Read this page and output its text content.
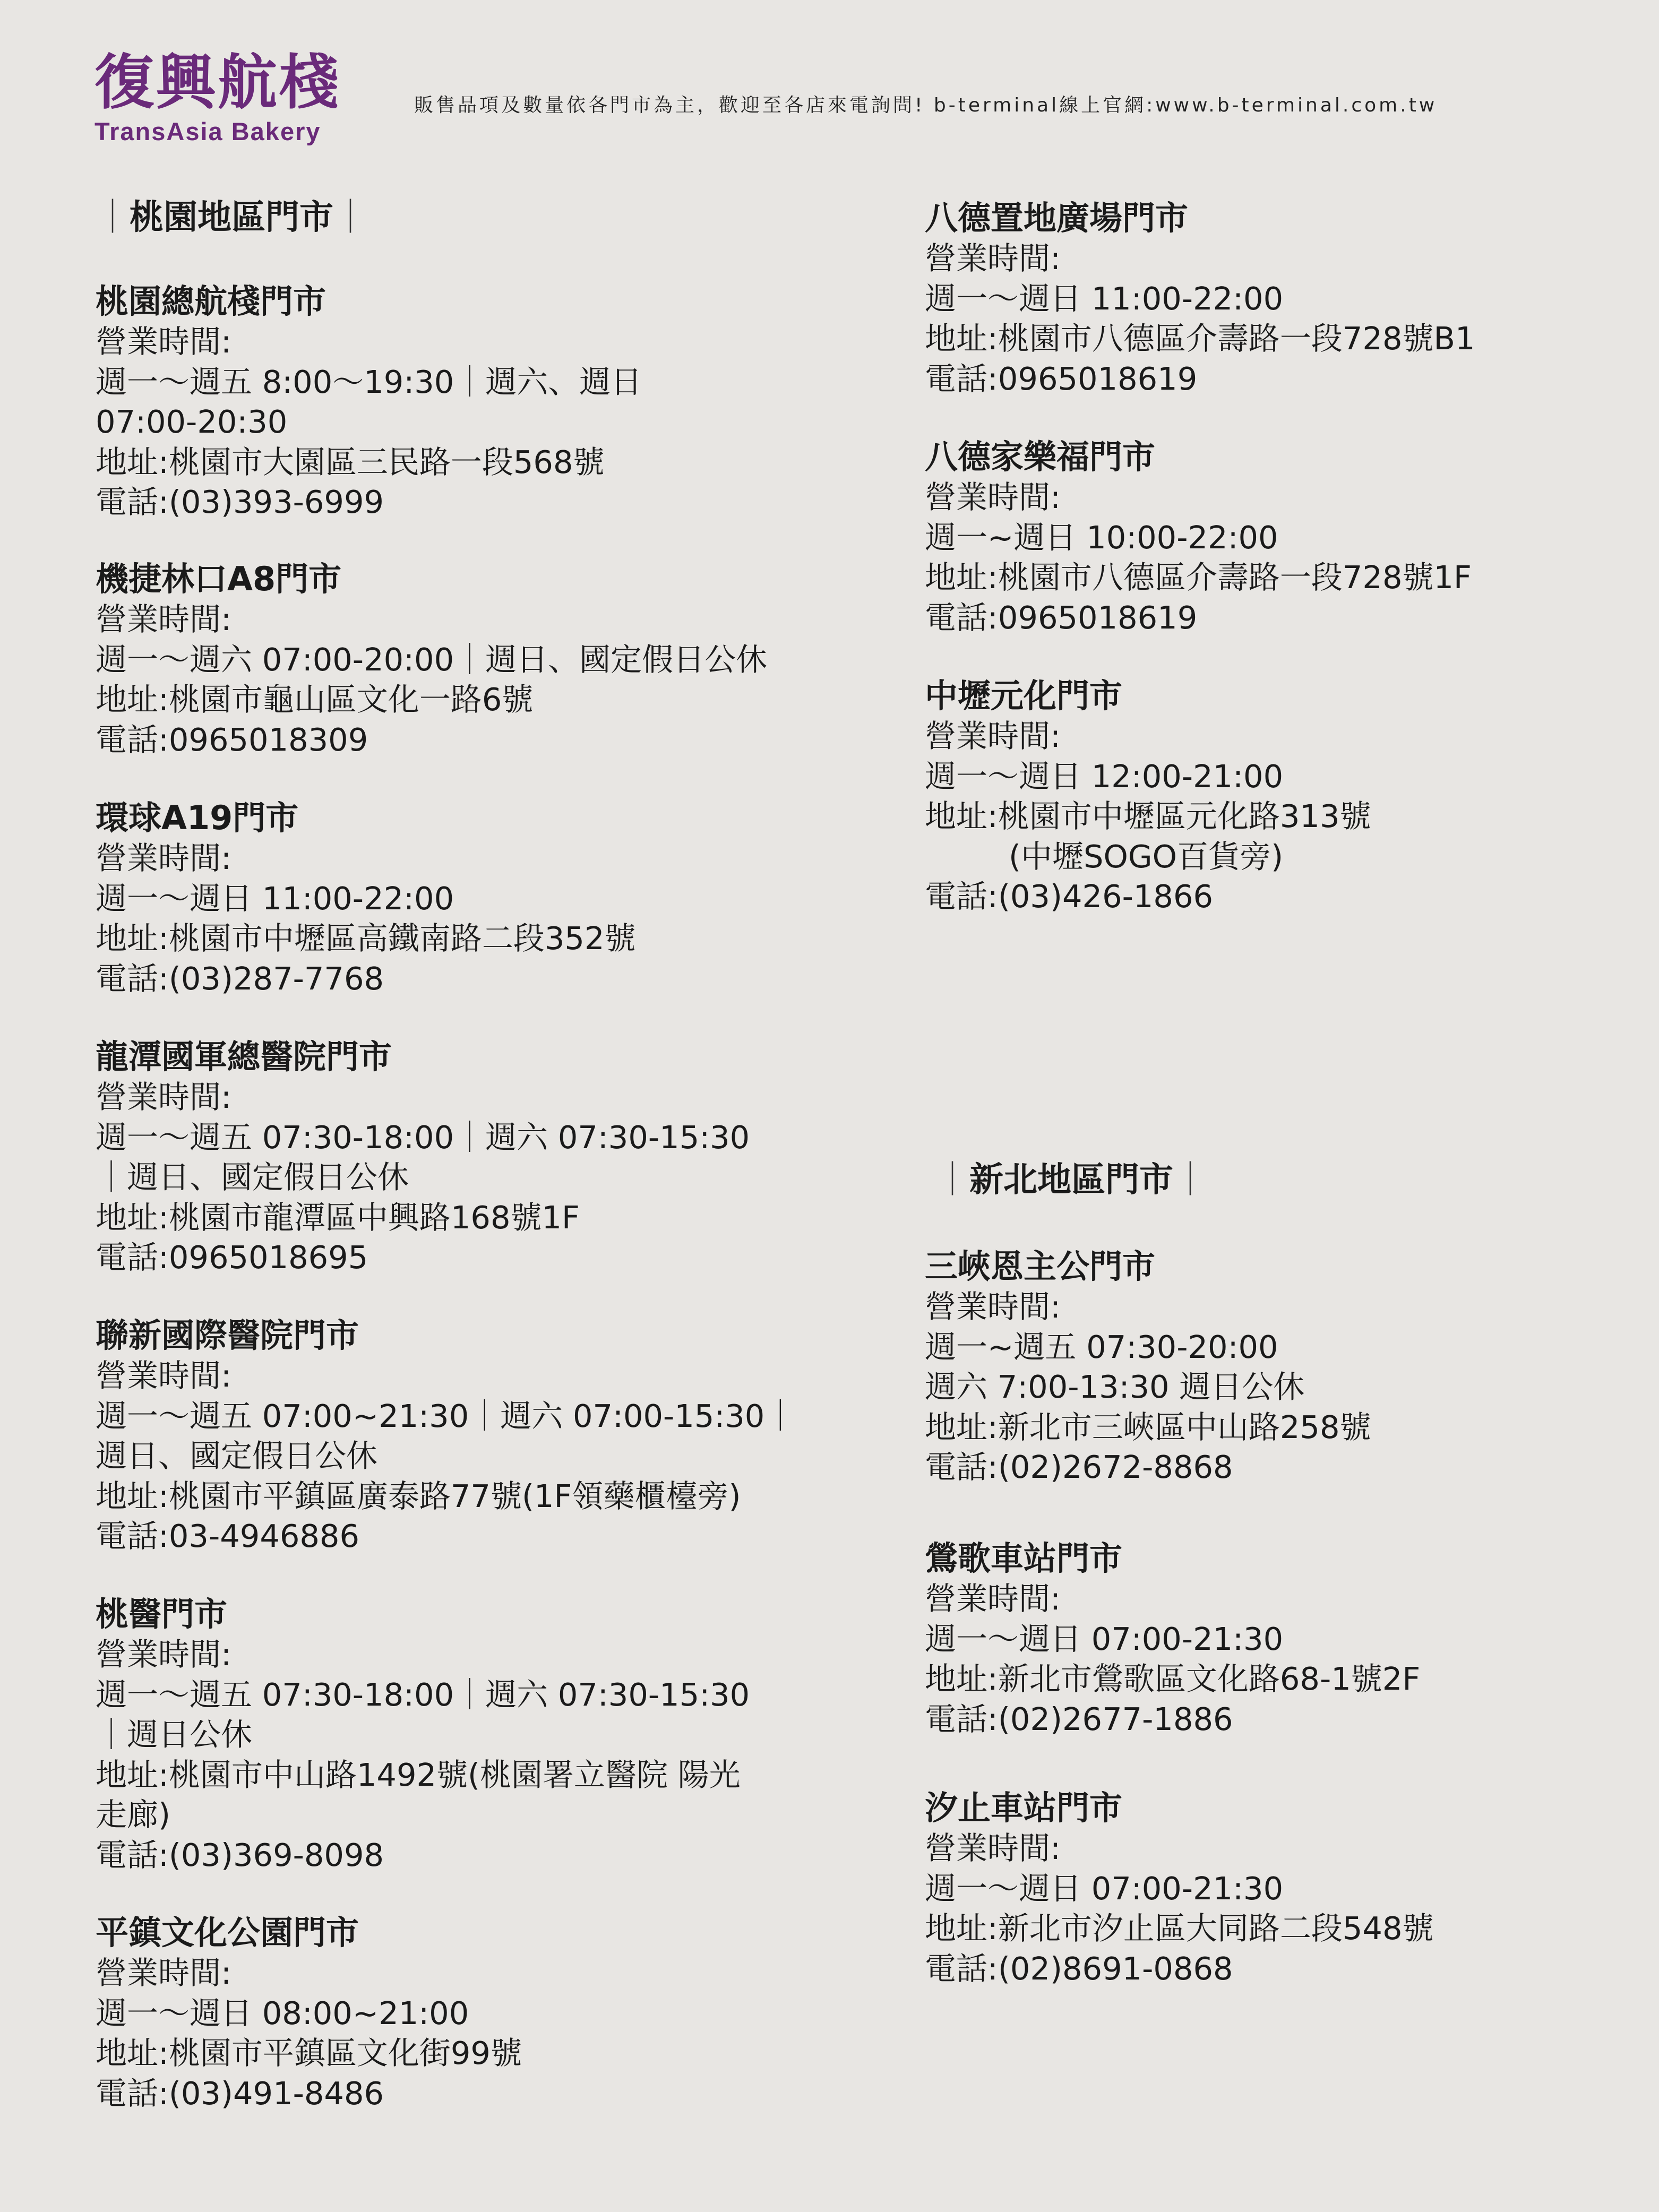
復興航棧
TransAsia Bakery
販售品項及數量依各門市為主，歡迎至各店來電詢問! b-terminal線上官網:www.b-terminal.com.tw
｜桃園地區門市｜
桃園總航棧門市
營業時間:
週一～週五 8:00～19:30｜週六、週日
07:00-20:30
地址:桃園市大園區三民路一段568號
電話:(03)393-6999
機捷林口A8門市
營業時間:
週一～週六 07:00-20:00｜週日、國定假日公休
地址:桃園市龜山區文化一路6號
電話:0965018309
環球A19門市
營業時間:
週一～週日 11:00-22:00
地址:桃園市中壢區高鐵南路二段352號
電話:(03)287-7768
龍潭國軍總醫院門市
營業時間:
週一～週五 07:30-18:00｜週六 07:30-15:30
｜週日、國定假日公休
地址:桃園市龍潭區中興路168號1F
電話:0965018695
聯新國際醫院門市
營業時間:
週一～週五 07:00~21:30｜週六 07:00-15:30｜
週日、國定假日公休
地址:桃園市平鎮區廣泰路77號(1F領藥櫃檯旁)
電話:03-4946886
桃醫門市
營業時間:
週一～週五 07:30-18:00｜週六 07:30-15:30
｜週日公休
地址:桃園市中山路1492號(桃園署立醫院 陽光
走廊)
電話:(03)369-8098
平鎮文化公園門市
營業時間:
週一～週日 08:00~21:00
地址:桃園市平鎮區文化街99號
電話:(03)491-8486
八德置地廣場門市
營業時間:
週一～週日 11:00-22:00
地址:桃園市八德區介壽路一段728號B1
電話:0965018619
八德家樂福門市
營業時間:
週一~週日 10:00-22:00
地址:桃園市八德區介壽路一段728號1F
電話:0965018619
中壢元化門市
營業時間:
週一～週日 12:00-21:00
地址:桃園市中壢區元化路313號
(中壢SOGO百貨旁)
電話:(03)426-1866
｜新北地區門市｜
三峽恩主公門市
營業時間:
週一~週五 07:30-20:00
週六 7:00-13:30 週日公休
地址:新北市三峽區中山路258號
電話:(02)2672-8868
鶯歌車站門市
營業時間:
週一～週日 07:00-21:30
地址:新北市鶯歌區文化路68-1號2F
電話:(02)2677-1886
汐止車站門市
營業時間:
週一～週日 07:00-21:30
地址:新北市汐止區大同路二段548號
電話:(02)8691-0868
